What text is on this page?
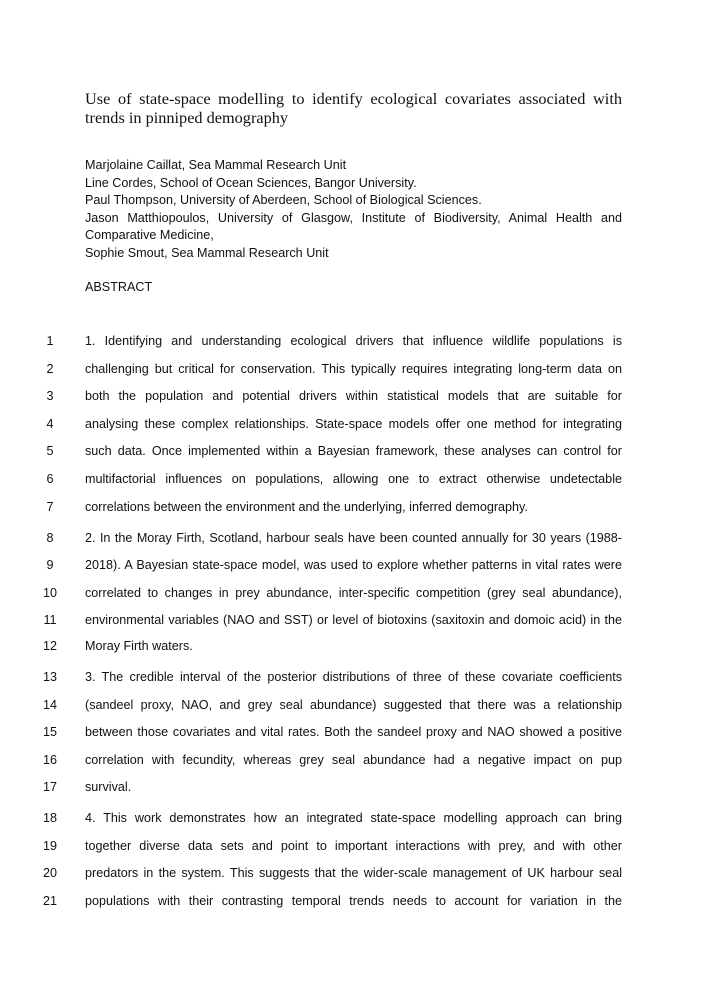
Use of state-space modelling to identify ecological covariates associated with trends in pinniped demography
Marjolaine Caillat, Sea Mammal Research Unit
Line Cordes, School of Ocean Sciences, Bangor University.
Paul Thompson, University of Aberdeen, School of Biological Sciences.
Jason Matthiopoulos, University of Glasgow, Institute of Biodiversity, Animal Health and Comparative Medicine,
Sophie Smout, Sea Mammal Research Unit
ABSTRACT
1	1. Identifying and understanding ecological drivers that influence wildlife populations is
2	challenging but critical for conservation. This typically requires integrating long-term data on
3	both the population and potential drivers within statistical models that are suitable for
4	analysing these complex relationships. State-space models offer one method for integrating
5	such data. Once implemented within a Bayesian framework, these analyses can control for
6	multifactorial influences on populations, allowing one to extract otherwise undetectable
7	correlations between the environment and the underlying, inferred demography.
8	2. In the Moray Firth, Scotland, harbour seals have been counted annually for 30 years (1988-
9	2018). A Bayesian state-space model, was used to explore whether patterns in vital rates were
10	correlated to changes in prey abundance, inter-specific competition (grey seal abundance),
11	environmental variables (NAO and SST) or level of biotoxins (saxitoxin and domoic acid) in the
12	Moray Firth waters.
13	3. The credible interval of the posterior distributions of three of these covariate coefficients
14	(sandeel proxy, NAO, and grey seal abundance) suggested that there was a relationship
15	between those covariates and vital rates. Both the sandeel proxy and NAO showed a positive
16	correlation with fecundity, whereas grey seal abundance had a negative impact on pup
17	survival.
18	4. This work demonstrates how an integrated state-space modelling approach can bring
19	together diverse data sets and point to important interactions with prey, and with other
20	predators in the system. This suggests that the wider-scale management of UK harbour seal
21	populations with their contrasting temporal trends needs to account for variation in the
